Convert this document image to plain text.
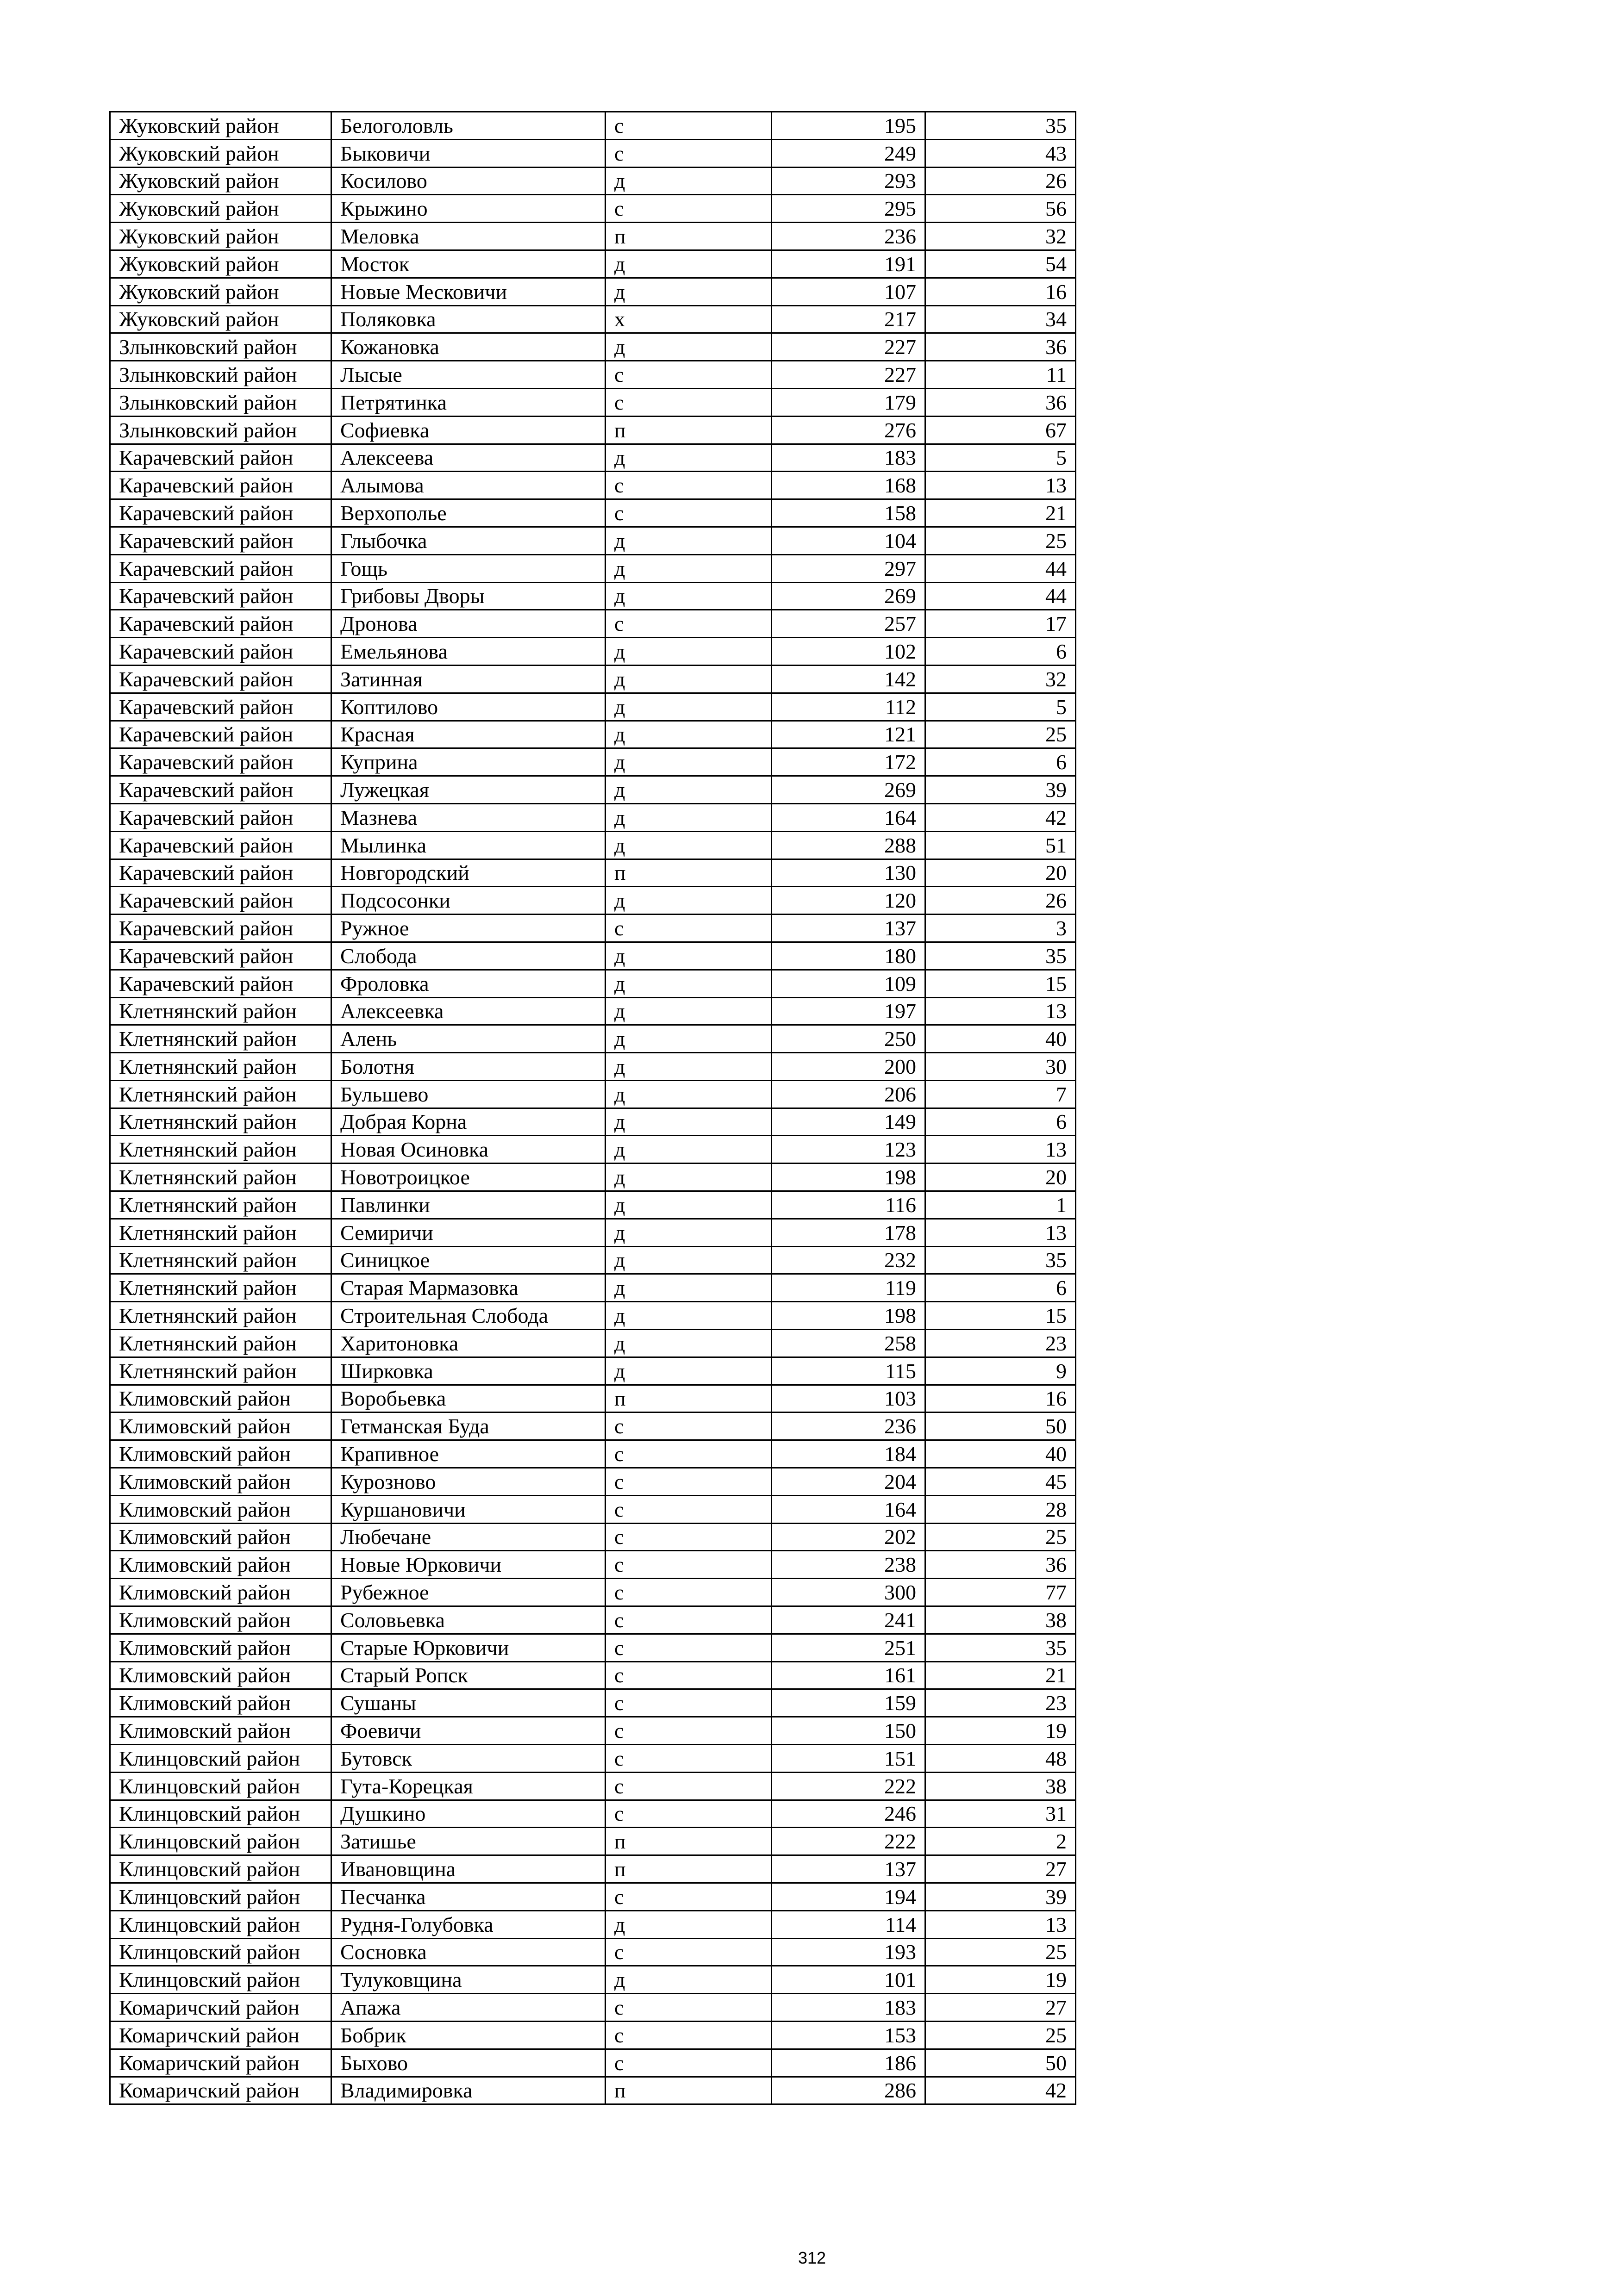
Жуковский район	Белоголовль	с	195	35
Жуковский район	Быковичи	с	249	43
Жуковский район	Косилово	д	293	26
Жуковский район	Крыжино	с	295	56
Жуковский район	Меловка	п	236	32
Жуковский район	Мосток	д	191	54
Жуковский район	Новые Месковичи	д	107	16
Жуковский район	Поляковка	х	217	34
Злынковский район	Кожановка	д	227	36
Злынковский район	Лысые	с	227	11
Злынковский район	Петрятинка	с	179	36
Злынковский район	Софиевка	п	276	67
Карачевский район	Алексеева	д	183	5
Карачевский район	Алымова	с	168	13
Карачевский район	Верхополье	с	158	21
Карачевский район	Глыбочка	д	104	25
Карачевский район	Гощь	д	297	44
Карачевский район	Грибовы Дворы	д	269	44
Карачевский район	Дронова	с	257	17
Карачевский район	Емельянова	д	102	6
Карачевский район	Затинная	д	142	32
Карачевский район	Коптилово	д	112	5
Карачевский район	Красная	д	121	25
Карачевский район	Куприна	д	172	6
Карачевский район	Лужецкая	д	269	39
Карачевский район	Мазнева	д	164	42
Карачевский район	Мылинка	д	288	51
Карачевский район	Новгородский	п	130	20
Карачевский район	Подсосонки	д	120	26
Карачевский район	Ружное	с	137	3
Карачевский район	Слобода	д	180	35
Карачевский район	Фроловка	д	109	15
Клетнянский район	Алексеевка	д	197	13
Клетнянский район	Алень	д	250	40
Клетнянский район	Болотня	д	200	30
Клетнянский район	Бульшево	д	206	7
Клетнянский район	Добрая Корна	д	149	6
Клетнянский район	Новая Осиновка	д	123	13
Клетнянский район	Новотроицкое	д	198	20
Клетнянский район	Павлинки	д	116	1
Клетнянский район	Семиричи	д	178	13
Клетнянский район	Синицкое	д	232	35
Клетнянский район	Старая Мармазовка	д	119	6
Клетнянский район	Строительная Слобода	д	198	15
Клетнянский район	Харитоновка	д	258	23
Клетнянский район	Ширковка	д	115	9
Климовский район	Воробьевка	п	103	16
Климовский район	Гетманская Буда	с	236	50
Климовский район	Крапивное	с	184	40
Климовский район	Курозново	с	204	45
Климовский район	Куршановичи	с	164	28
Климовский район	Любечане	с	202	25
Климовский район	Новые Юрковичи	с	238	36
Климовский район	Рубежное	с	300	77
Климовский район	Соловьевка	с	241	38
Климовский район	Старые Юрковичи	с	251	35
Климовский район	Старый Ропск	с	161	21
Климовский район	Сушаны	с	159	23
Климовский район	Фоевичи	с	150	19
Клинцовский район	Бутовск	с	151	48
Клинцовский район	Гута-Корецкая	с	222	38
Клинцовский район	Душкино	с	246	31
Клинцовский район	Затишье	п	222	2
Клинцовский район	Ивановщина	п	137	27
Клинцовский район	Песчанка	с	194	39
Клинцовский район	Рудня-Голубовка	д	114	13
Клинцовский район	Сосновка	с	193	25
Клинцовский район	Тулуковщина	д	101	19
Комаричский район	Апажа	с	183	27
Комаричский район	Бобрик	с	153	25
Комаричский район	Быхово	с	186	50
Комаричский район	Владимировка	п	286	42
312
